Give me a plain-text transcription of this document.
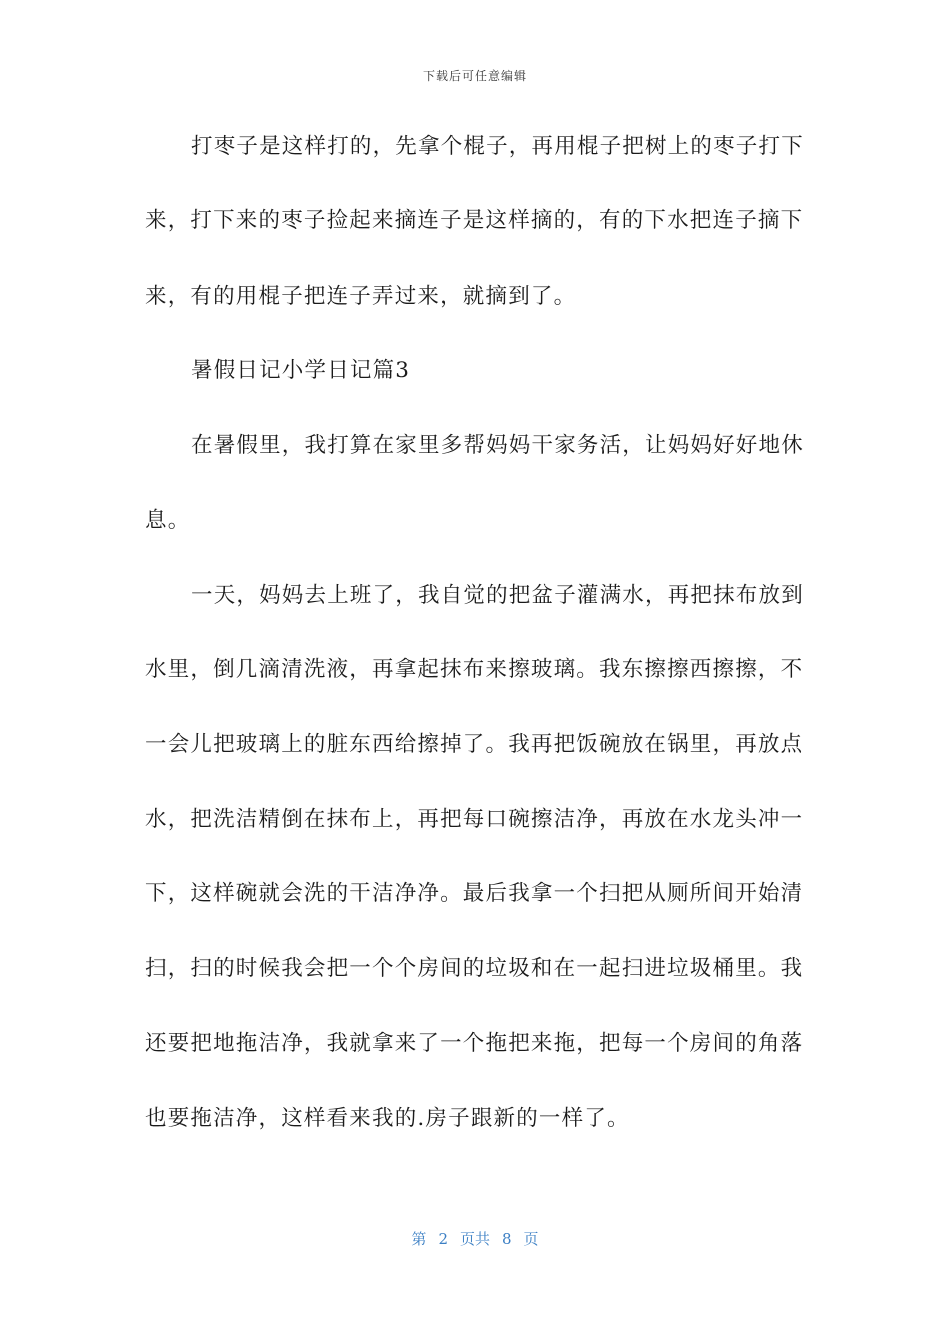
下载后可任意编辑
打枣子是这样打的，先拿个棍子，再用棍子把树上的枣子打下
来，打下来的枣子捡起来摘连子是这样摘的，有的下水把连子摘下
来，有的用棍子把连子弄过来，就摘到了。
暑假日记小学日记篇3
在暑假里，我打算在家里多帮妈妈干家务活，让妈妈好好地休
息。
一天，妈妈去上班了，我自觉的把盆子灌满水，再把抹布放到
水里，倒几滴清洗液，再拿起抹布来擦玻璃。我东擦擦西擦擦，不
一会儿把玻璃上的脏东西给擦掉了。我再把饭碗放在锅里，再放点
水，把洗洁精倒在抹布上，再把每口碗擦洁净，再放在水龙头冲一
下，这样碗就会洗的干洁净净。最后我拿一个扫把从厕所间开始清
扫，扫的时候我会把一个个房间的垃圾和在一起扫进垃圾桶里。我
还要把地拖洁净，我就拿来了一个拖把来拖，把每一个房间的角落
也要拖洁净，这样看来我的.房子跟新的一样了。
第 2 页共 8 页
